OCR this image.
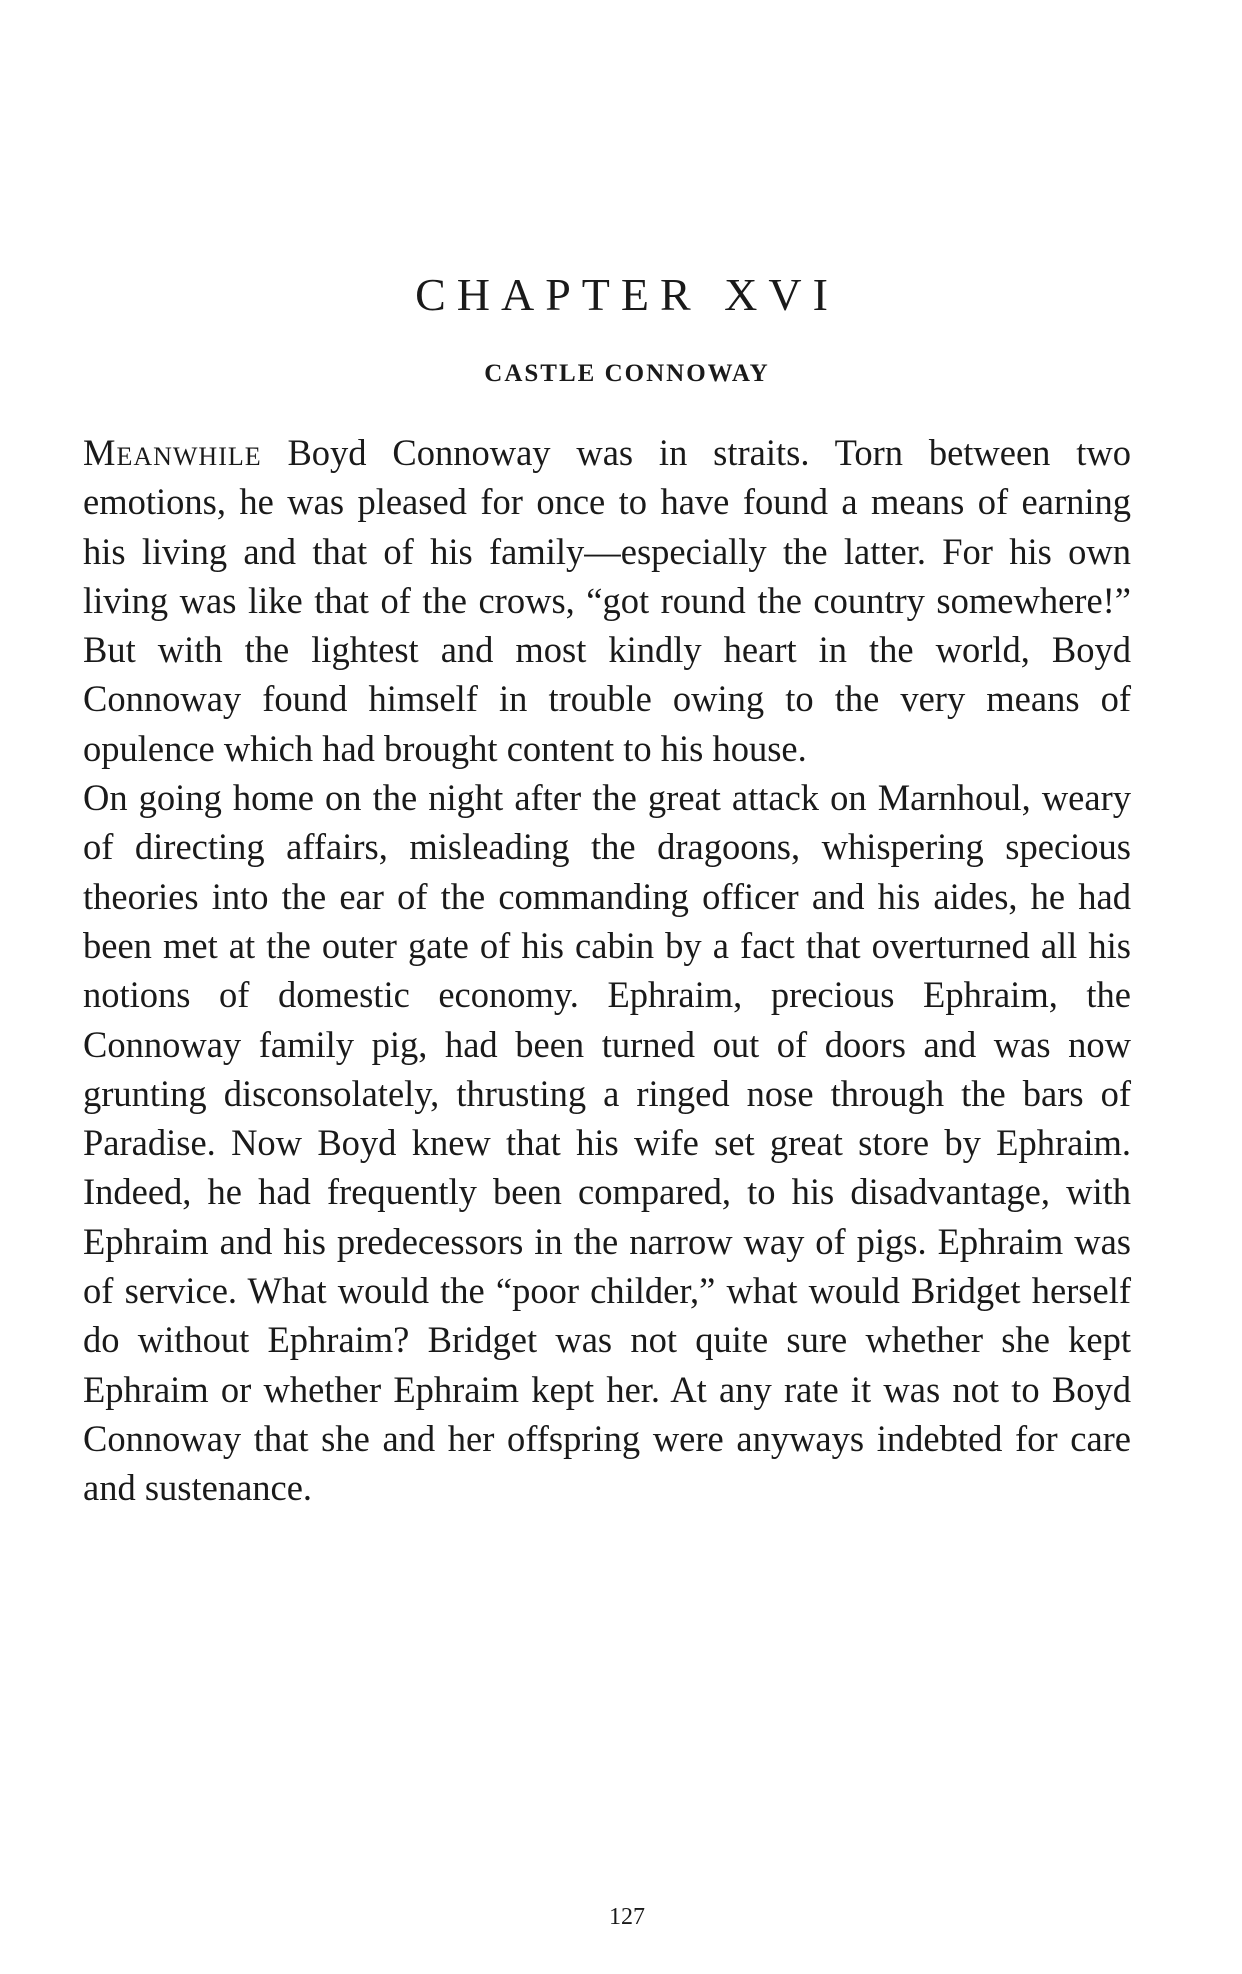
CHAPTER XVI
CASTLE CONNOWAY

Meanwhile Boyd Connoway was in straits. Torn between two emotions, he was pleased for once to have found a means of earning his living and that of his family—especially the latter. For his own living was like that of the crows, “got round the country somewhere!” But with the lightest and most kindly heart in the world, Boyd Connoway found himself in trouble owing to the very means of opulence which had brought content to his house.

On going home on the night after the great attack on Marnhoul, weary of directing affairs, misleading the dragoons, whispering specious theories into the ear of the commanding officer and his aides, he had been met at the outer gate of his cabin by a fact that overturned all his notions of domestic economy. Ephraim, precious Ephraim, the Connoway family pig, had been turned out of doors and was now grunting disconsolately, thrusting a ringed nose through the bars of Paradise. Now Boyd knew that his wife set great store by Ephraim. Indeed, he had frequently been compared, to his disadvantage, with Ephraim and his predecessors in the narrow way of pigs. Ephraim was of service. What would the “poor childer,” what would Bridget herself do without Ephraim? Bridget was not quite sure whether she kept Ephraim or whether Ephraim kept her. At any rate it was not to Boyd Connoway that she and her offspring were anyways indebted for care and sustenance.

127
